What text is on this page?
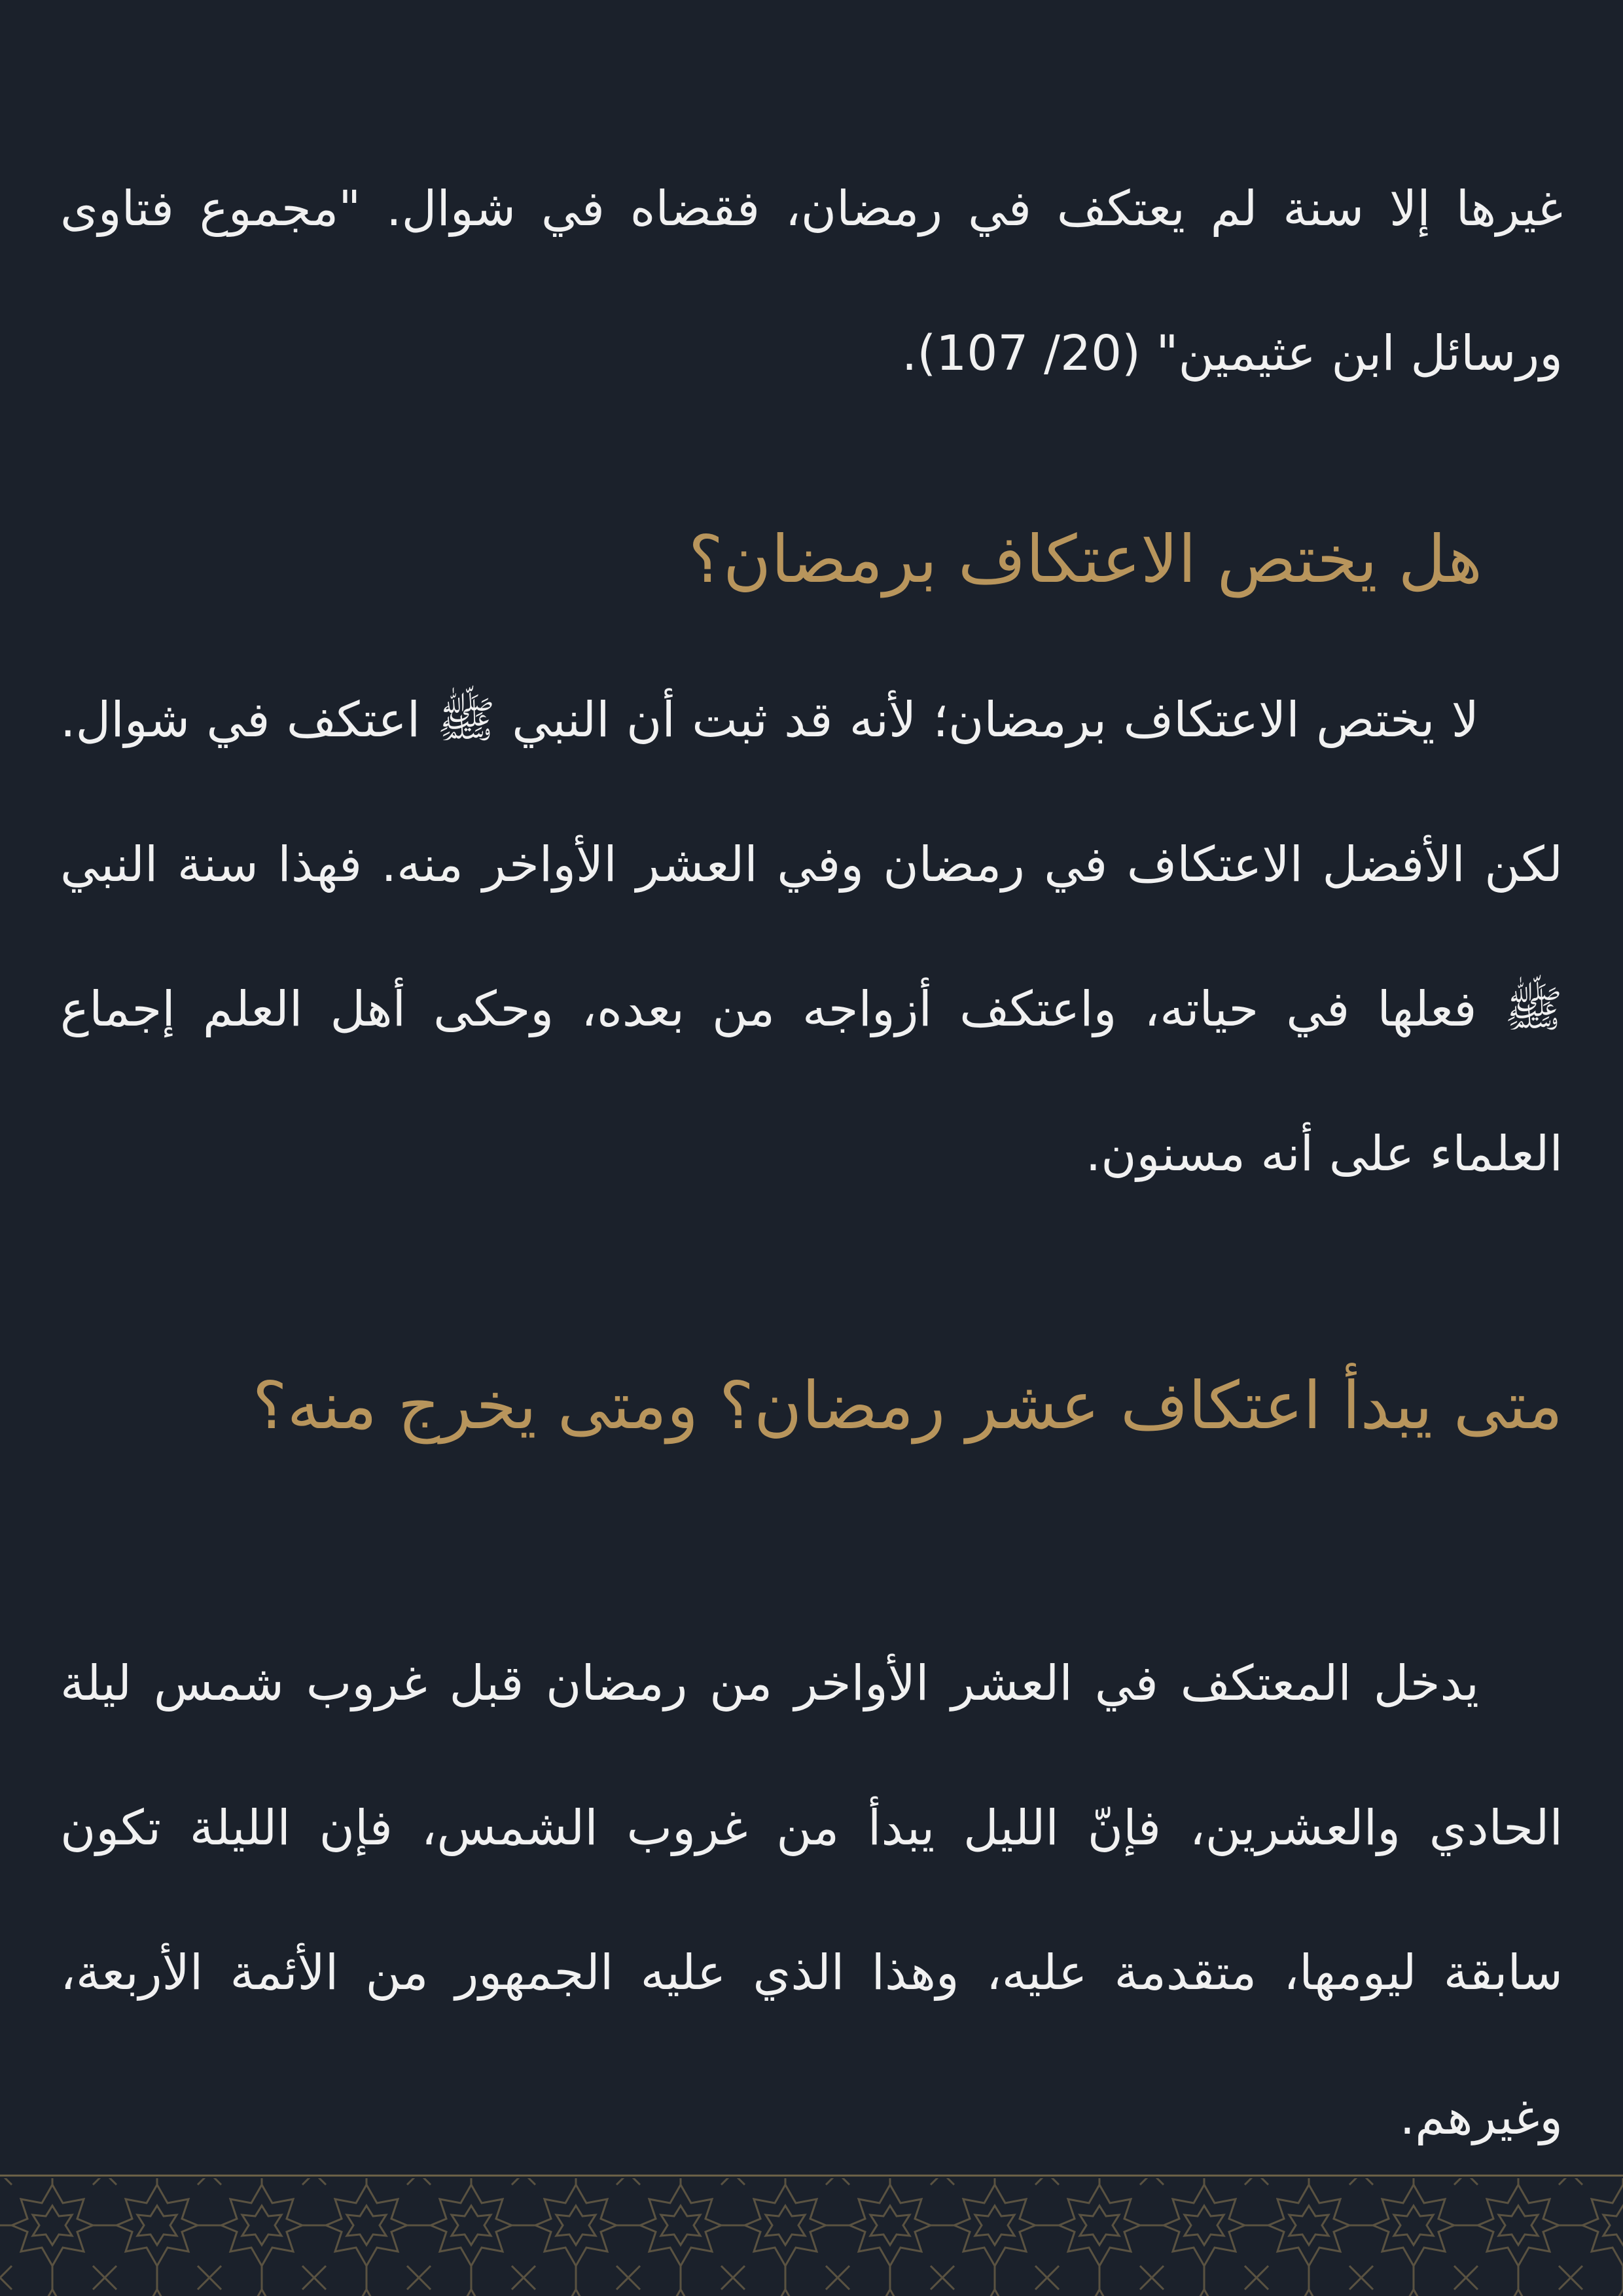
غيرها إلا سنة لم يعتكف في رمضان، فقضاه في شوال. "مجموع فتاوى ورسائل ابن عثيمين" (20/ 107).

هل يختص الاعتكاف برمضان؟

لا يختص الاعتكاف برمضان؛ لأنه قد ثبت أن النبي ﷺ اعتكف في شوال. لكن الأفضل الاعتكاف في رمضان وفي العشر الأواخر منه. فهذا سنة النبي ﷺ فعلها في حياته، واعتكف أزواجه من بعده، وحكى أهل العلم إجماع العلماء على أنه مسنون.

متى يبدأ اعتكاف عشر رمضان؟ ومتى يخرج منه؟

يدخل المعتكف في العشر الأواخر من رمضان قبل غروب شمس ليلة الحادي والعشرين، فإنّ الليل يبدأ من غروب الشمس، فإن الليلة تكون سابقة ليومها، متقدمة عليه، وهذا الذي عليه الجمهور من الأئمة الأربعة، وغيرهم.
